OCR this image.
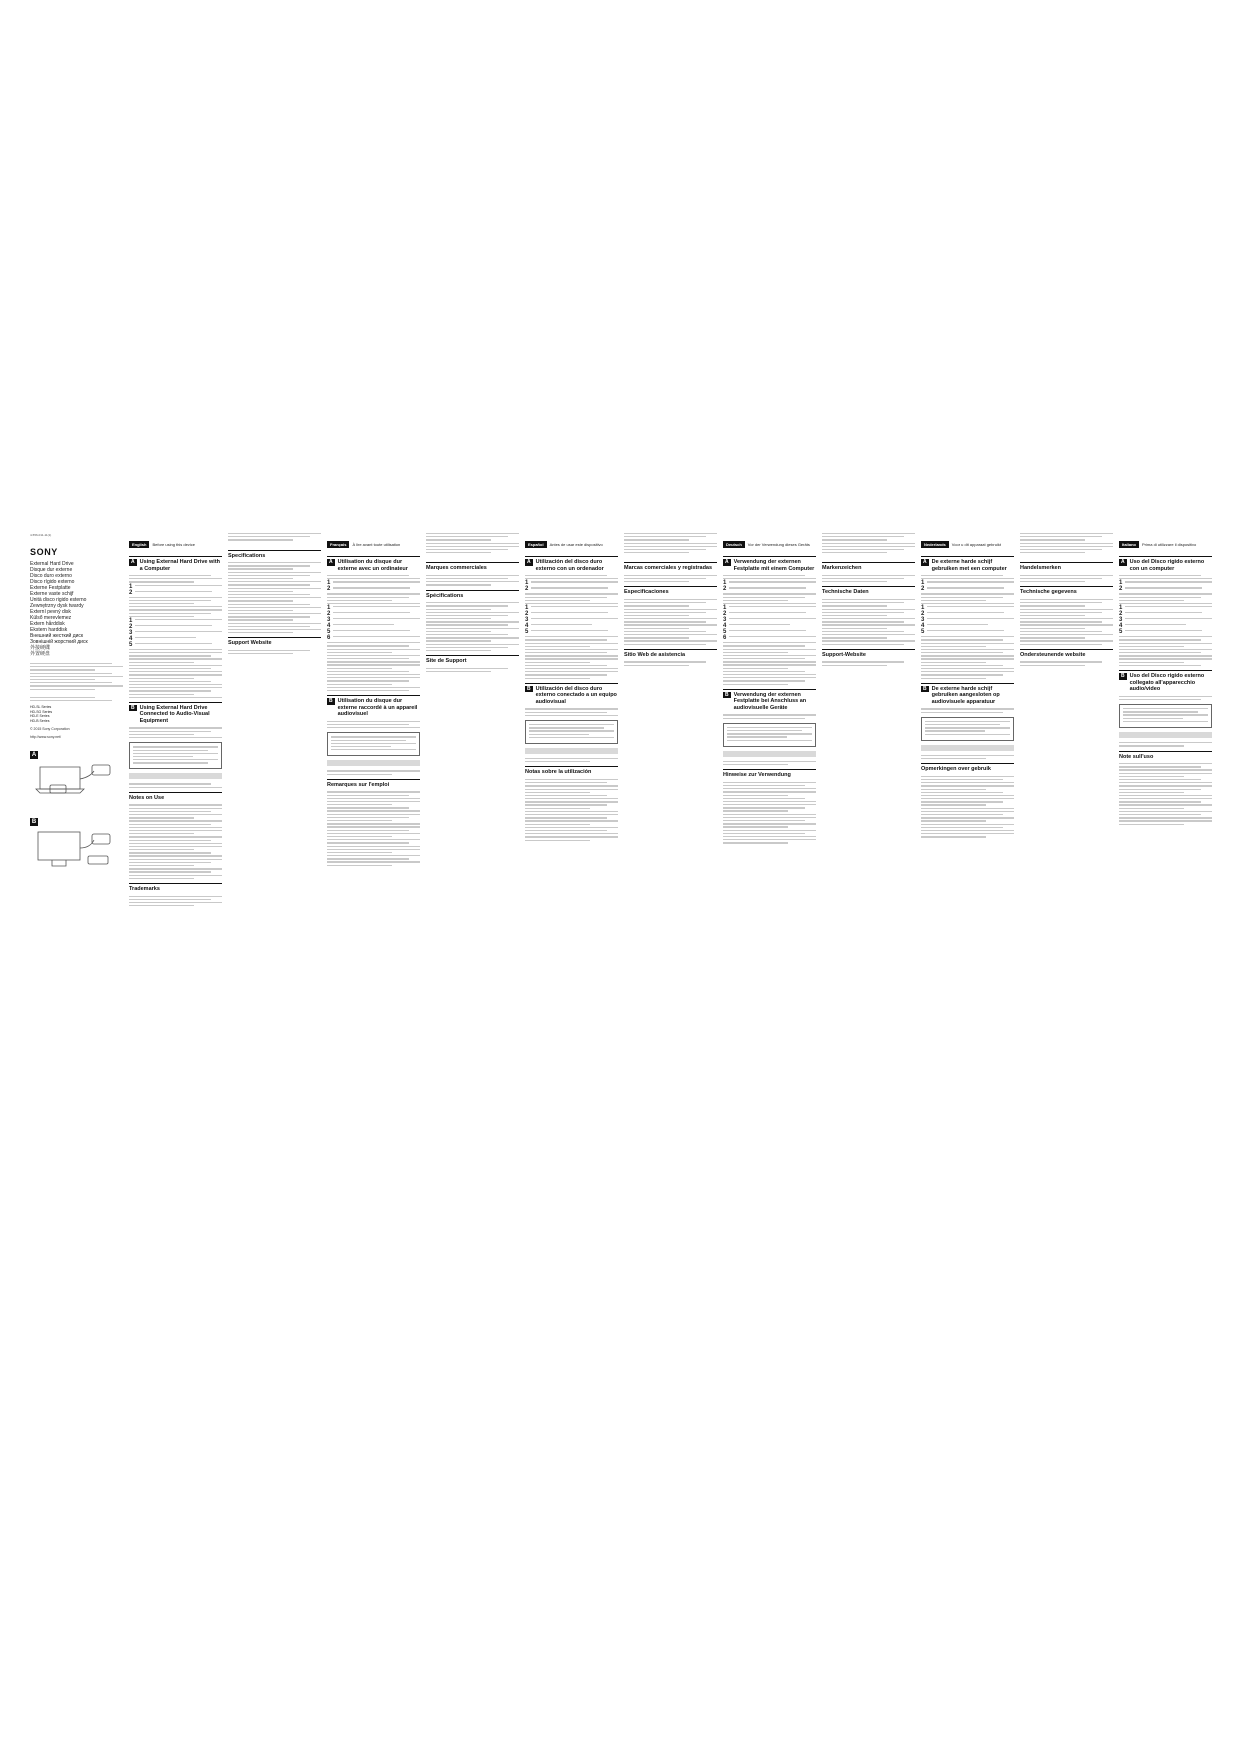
4-556-011-11(1)
SONY
External Hard Drive
Disque dur externe
Disco duro externo
Disco rígido externo
Externe Festplatte
Externe vaste schijf
Unità disco rigido esterno
Zewnętrzny dysk twardy
Externí pevný disk
Külső merevlemez
Extern hårddisk
Ekstern harddisk
Внешний жесткий диск
Зовнішній жорсткий диск
外接硬碟
外置硬盘
HD-SL Series
HD-SG Series
HD-E Series
HD-B Series
© 2015 Sony Corporation
http://www.sony.net/
A
B
English Before using this device
A Using External Hard Drive with a Computer
1
2
1
2
3
4
5
B Using External Hard Drive Connected to Audio-Visual Equipment
Notes on Use
Trademarks
Specifications
Support Website
Français À lire avant toute utilisation
A Utilisation du disque dur externe avec un ordinateur
1
2
1
2
3
4
5
6
B Utilisation du disque dur externe raccordé à un appareil audiovisuel
Remarques sur l'emploi
Marques commerciales
Spécifications
Site de Support
Español Antes de usar este dispositivo
A Utilización del disco duro externo con un ordenador
1
2
1
2
3
4
5
B Utilización del disco duro externo conectado a un equipo audiovisual
Notas sobre la utilización
Marcas comerciales y registradas
Especificaciones
Sitio Web de asistencia
Deutsch Vor der Verwendung dieses Geräts
A Verwendung der externen Festplatte mit einem Computer
1
2
1
2
3
4
5
6
B Verwendung der externen Festplatte bei Anschluss an audiovisuelle Geräte
Hinweise zur Verwendung
Markenzeichen
Technische Daten
Support-Website
Nederlands Voor u dit apparaat gebruikt
A De externe harde schijf gebruiken met een computer
1
2
1
2
3
4
5
B De externe harde schijf gebruiken aangesloten op audiovisuele apparatuur
Opmerkingen over gebruik
Handelsmerken
Technische gegevens
Ondersteunende website
Italiano Prima di utilizzare il dispositivo
A Uso del Disco rigido esterno con un computer
1
2
1
2
3
4
5
B Uso del Disco rigido esterno collegato all'apparecchio audio/video
Note sull'uso
